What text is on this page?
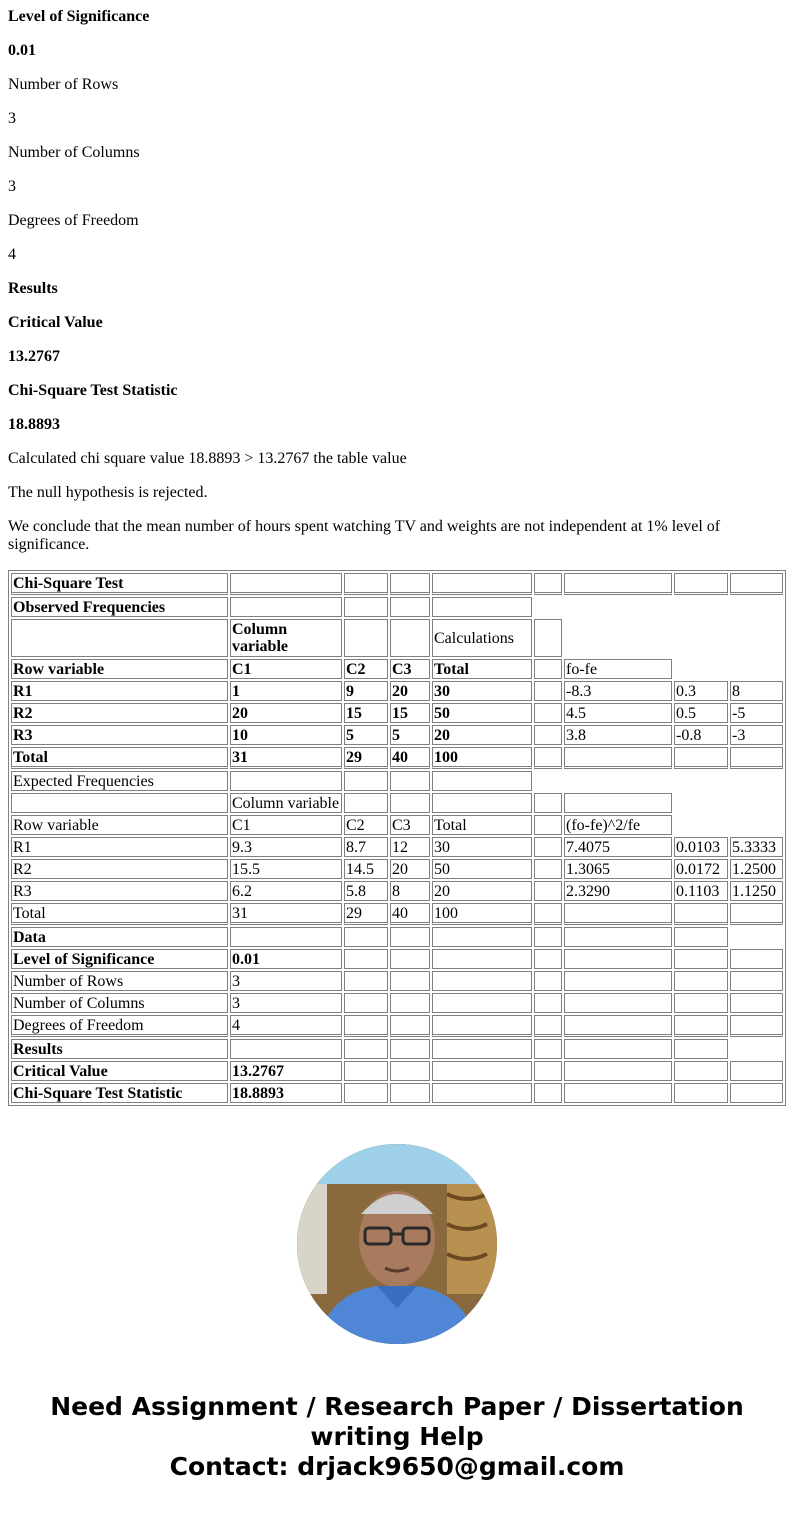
Level of Significance

0.01

Number of Rows

3

Number of Columns

3

Degrees of Freedom

4

Results

Critical Value

13.2767

Chi-Square Test Statistic

18.8893

Calculated chi square value 18.8893 > 13.2767 the table value

The null hypothesis is rejected.

We conclude that the mean number of hours spent watching TV and weights are not independent at 1% level of significance.

Chi-Square Test								
Observed Frequencies								
	Column variable			Calculations				
Row variable	C1	C2	C3	Total		fo-fe		
R1	1	9	20	30		-8.3	0.3	8
R2	20	15	15	50		4.5	0.5	-5
R3	10	5	5	20		3.8	-0.8	-3
Total	31	29	40	100				
Expected Frequencies								
	Column variable							
Row variable	C1	C2	C3	Total		(fo-fe)^2/fe		
R1	9.3	8.7	12	30		7.4075	0.0103	5.3333
R2	15.5	14.5	20	50		1.3065	0.0172	1.2500
R3	6.2	5.8	8	20		2.3290	0.1103	1.1250
Total	31	29	40	100				
Data								
Level of Significance	0.01							
Number of Rows	3							
Number of Columns	3							
Degrees of Freedom	4							
Results								
Critical Value	13.2767							
Chi-Square Test Statistic	18.8893							
Need Assignment / Research Paper / Dissertation writing Help
Contact: drjack9650@gmail.com
